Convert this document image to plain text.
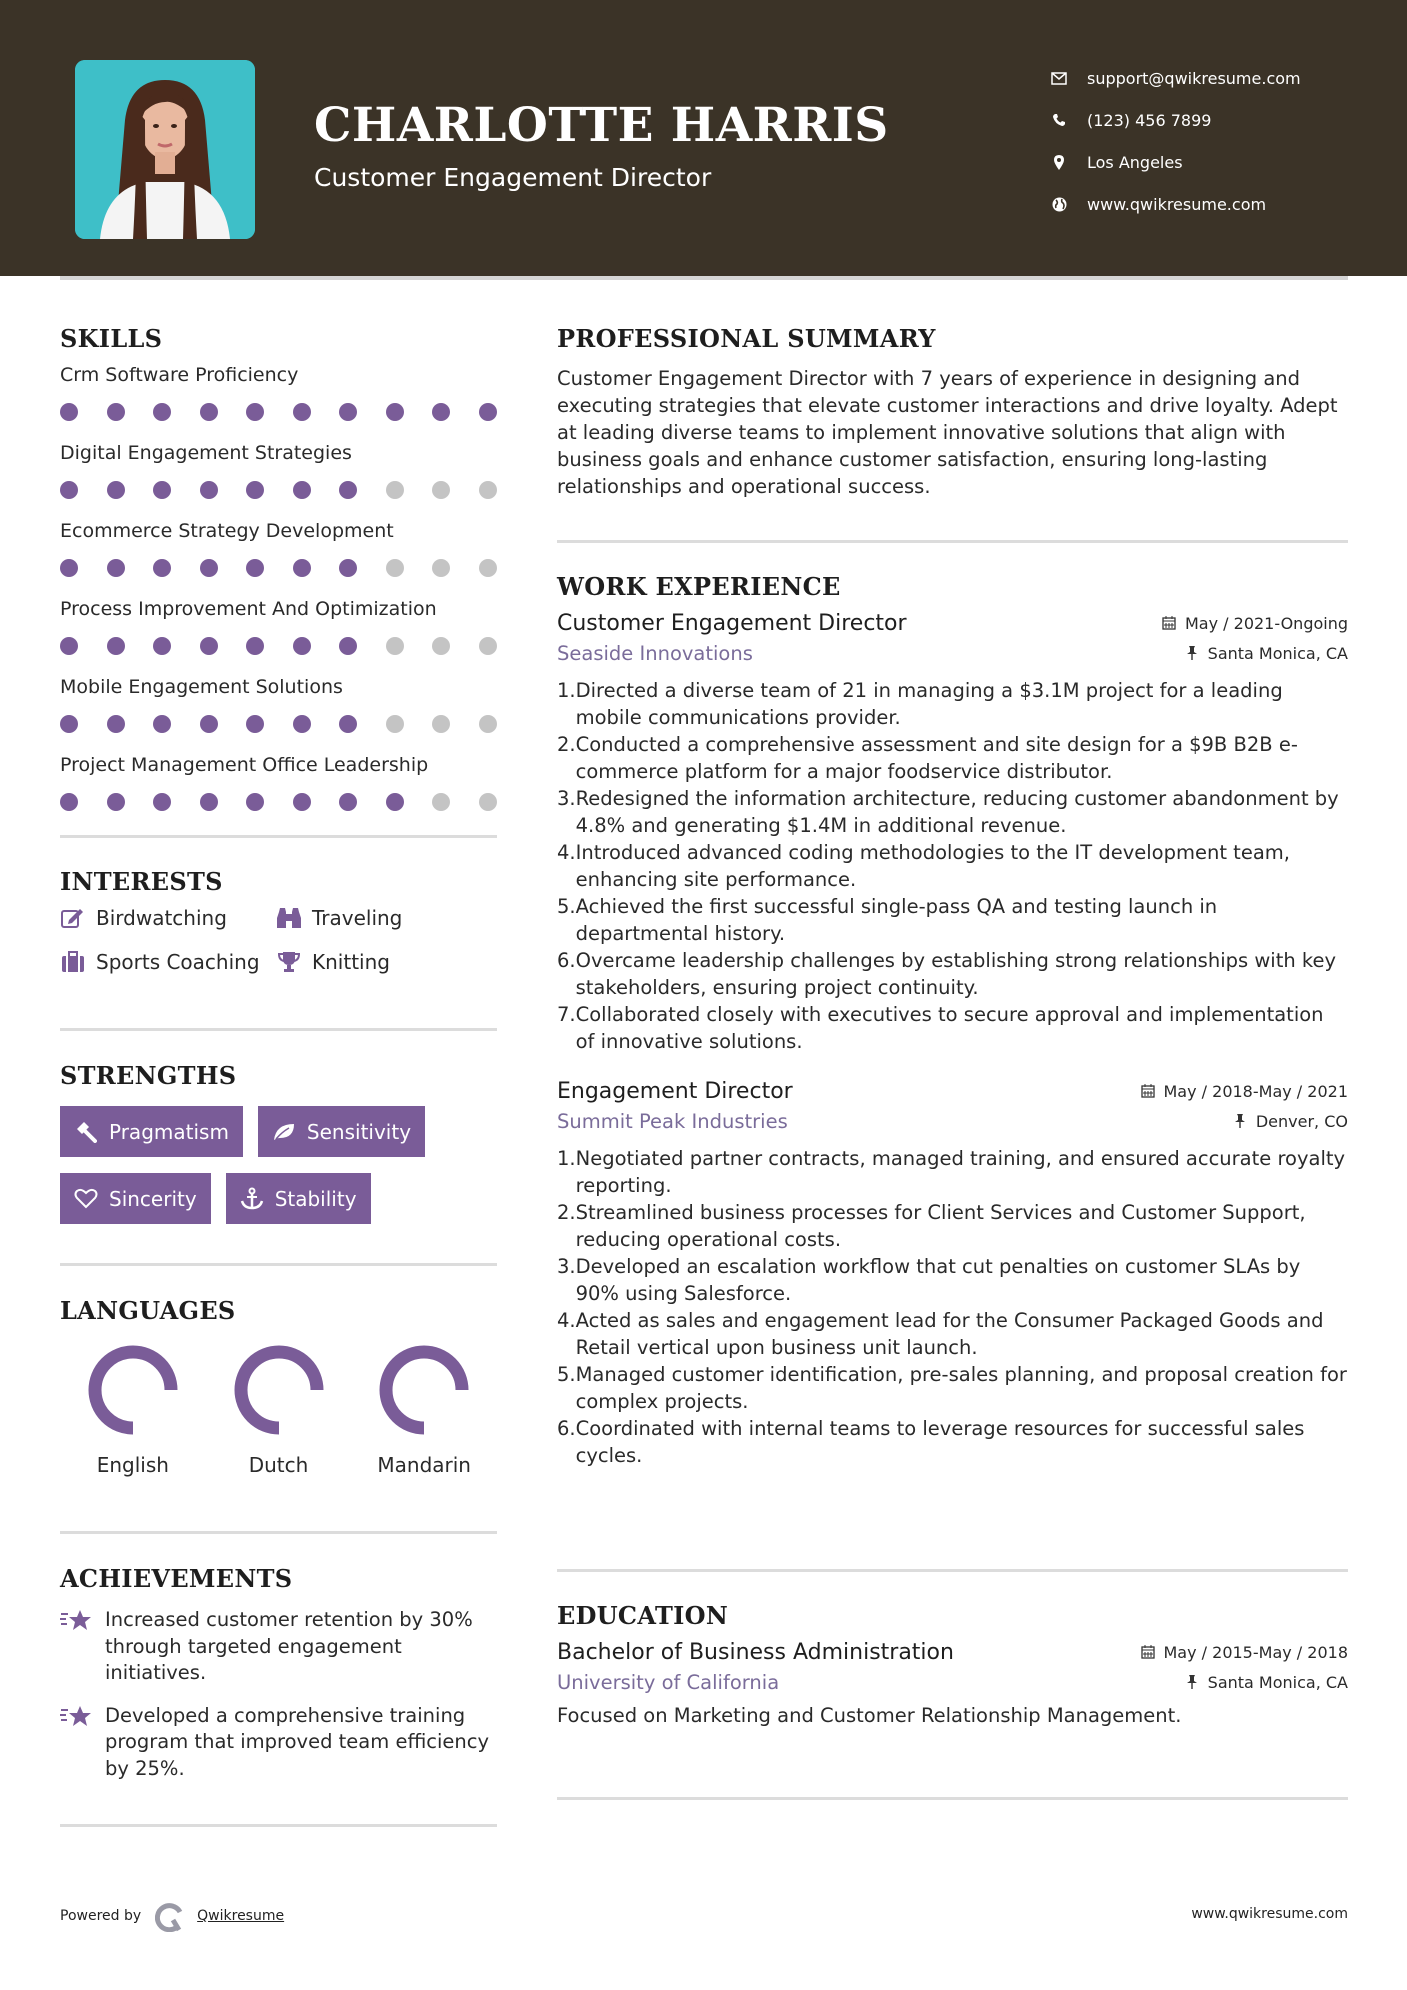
CHARLOTTE HARRIS
Customer Engagement Director
support@qwikresume.com
(123) 456 7899
Los Angeles
www.qwikresume.com
SKILLS
Crm Software Proficiency
Digital Engagement Strategies
Ecommerce Strategy Development
Process Improvement And Optimization
Mobile Engagement Solutions
Project Management Office Leadership
INTERESTS
Birdwatching	Traveling
Sports Coaching	Knitting
STRENGTHS
Pragmatism	Sensitivity
Sincerity	Stability
LANGUAGES
English	Dutch	Mandarin
ACHIEVEMENTS
Increased customer retention by 30% through targeted engagement initiatives.
Developed a comprehensive training program that improved team efficiency by 25%.
PROFESSIONAL SUMMARY

Customer Engagement Director with 7 years of experience in designing and executing strategies that elevate customer interactions and drive loyalty. Adept at leading diverse teams to implement innovative solutions that align with business goals and enhance customer satisfaction, ensuring long-lasting relationships and operational success.

WORK EXPERIENCE
Customer Engagement Director	May / 2021-Ongoing
Seaside Innovations	Santa Monica, CA
1. Directed a diverse team of 21 in managing a $3.1M project for a leading mobile communications provider.
2. Conducted a comprehensive assessment and site design for a $9B B2B e-commerce platform for a major foodservice distributor.
3. Redesigned the information architecture, reducing customer abandonment by 4.8% and generating $1.4M in additional revenue.
4. Introduced advanced coding methodologies to the IT development team, enhancing site performance.
5. Achieved the first successful single-pass QA and testing launch in departmental history.
6. Overcame leadership challenges by establishing strong relationships with key stakeholders, ensuring project continuity.
7. Collaborated closely with executives to secure approval and implementation of innovative solutions.
Engagement Director	May / 2018-May / 2021
Summit Peak Industries	Denver, CO
1. Negotiated partner contracts, managed training, and ensured accurate royalty reporting.
2. Streamlined business processes for Client Services and Customer Support, reducing operational costs.
3. Developed an escalation workflow that cut penalties on customer SLAs by 90% using Salesforce.
4. Acted as sales and engagement lead for the Consumer Packaged Goods and Retail vertical upon business unit launch.
5. Managed customer identification, pre-sales planning, and proposal creation for complex projects.
6. Coordinated with internal teams to leverage resources for successful sales cycles.
EDUCATION
Bachelor of Business Administration	May / 2015-May / 2018
University of California	Santa Monica, CA
Focused on Marketing and Customer Relationship Management.
Powered by	Qwikresume	www.qwikresume.com
